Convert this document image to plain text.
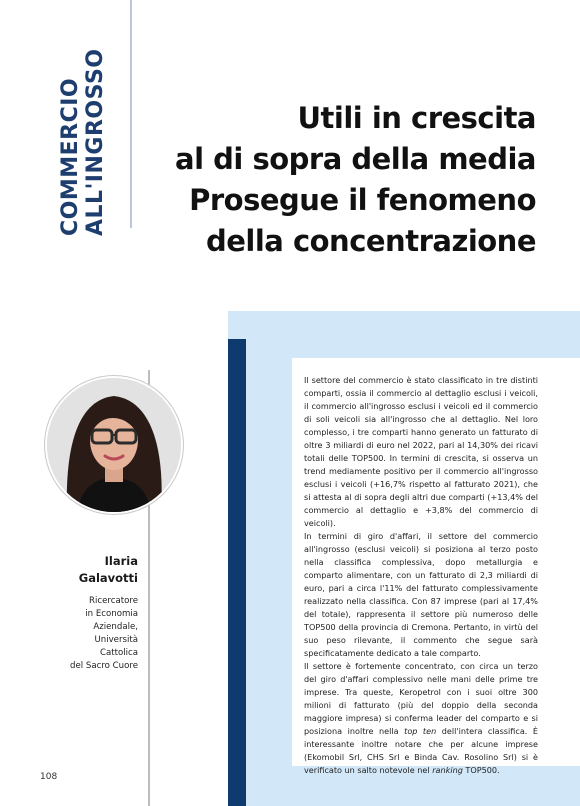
COMMERCIO ALL'INGROSSO	Utili in crescita
al di sopra della media
Prosegue il fenomeno
della concentrazione

Il settore del commercio è stato classificato in tre distinti comparti, ossia il commercio al dettaglio esclusi i veicoli, il commercio all'ingrosso esclusi i veicoli ed il commercio di soli veicoli sia all'ingrosso che al dettaglio. Nel loro complesso, i tre comparti hanno generato un fatturato di oltre 3 miliardi di euro nel 2022, pari al 14,30% dei ricavi totali delle TOP500. In termini di crescita, si osserva un trend mediamente positivo per il commercio all'ingrosso esclusi i veicoli (+16,7% rispetto al fatturato 2021), che si attesta al di sopra degli altri due comparti (+13,4% del commercio al dettaglio e +3,8% del commercio di veicoli).

In termini di giro d'affari, il settore del commercio all'ingrosso (esclusi veicoli) si posiziona al terzo posto nella classifica complessiva, dopo metallurgia e comparto alimentare, con un fatturato di 2,3 miliardi di euro, pari a circa l'11% del fatturato complessivamente realizzato nella classifica. Con 87 imprese (pari al 17,4% del totale), rappresenta il settore più numeroso delle TOP500 della provincia di Cremona. Pertanto, in virtù del suo peso rilevante, il commento che segue sarà specificatamente dedicato a tale comparto.

Il settore è fortemente concentrato, con circa un terzo del giro d'affari complessivo nelle mani delle prime tre imprese. Tra queste, Keropetrol con i suoi oltre 300 milioni di fatturato (più del doppio della seconda maggiore impresa) si conferma leader del comparto e si posiziona inoltre nella top ten dell'intera classifica. È interessante inoltre notare che per alcune imprese (Ekomobil Srl, CHS Srl e Binda Cav. Rosolino Srl) si è verificato un salto notevole nel ranking TOP500.

Ilaria
Galavotti
Ricercatore
in Economia
Aziendale,
Università
Cattolica
del Sacro Cuore
108
